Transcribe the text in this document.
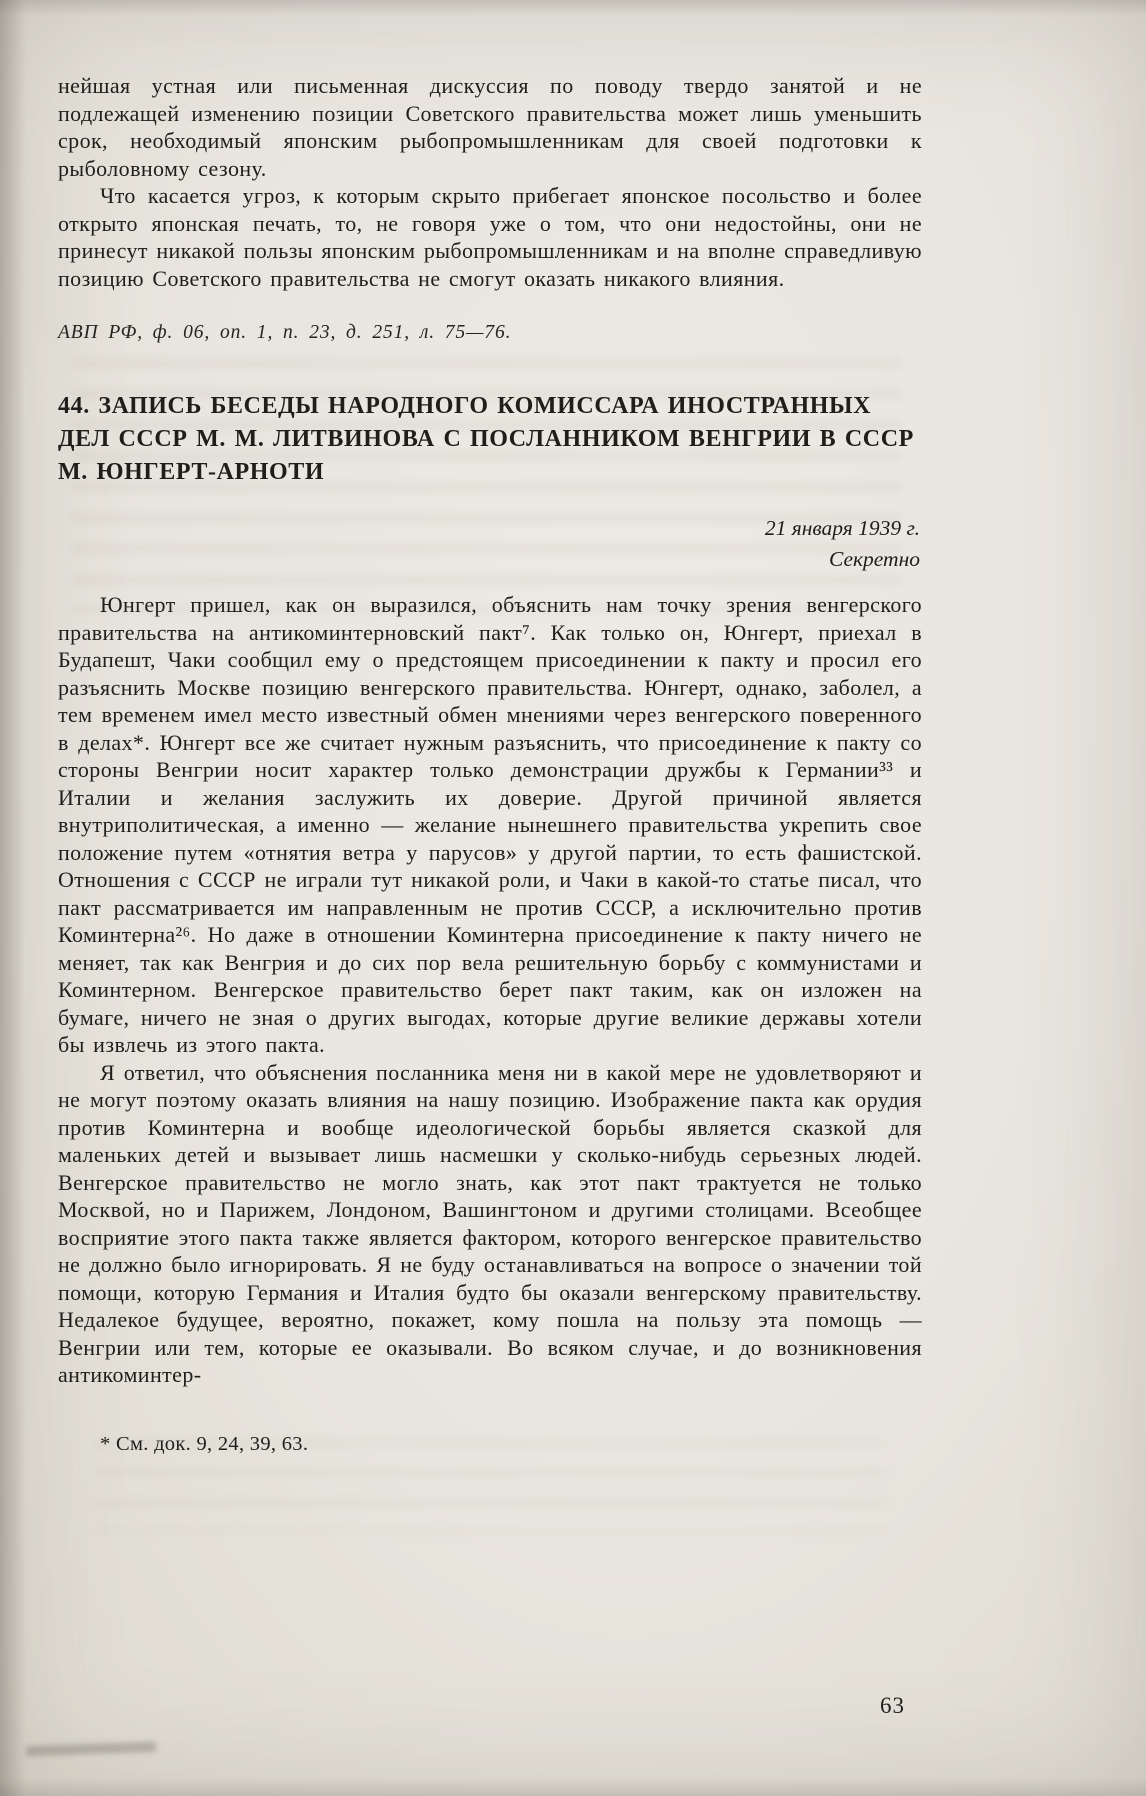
нейшая устная или письменная дискуссия по поводу твердо занятой и не подлежащей изменению позиции Советского правительства может лишь уменьшить срок, необходимый японским рыбопромышленникам для своей подготовки к рыболовному сезону.

Что касается угроз, к которым скрыто прибегает японское посольство и более открыто японская печать, то, не говоря уже о том, что они недостойны, они не принесут никакой пользы японским рыбопромышленникам и на вполне справедливую позицию Советского правительства не смогут оказать никакого влияния.

АВП РФ, ф. 06, оп. 1, п. 23, д. 251, л. 75—76.

44. ЗАПИСЬ БЕСЕДЫ НАРОДНОГО КОМИССАРА ИНОСТРАННЫХ ДЕЛ СССР М. М. ЛИТВИНОВА С ПОСЛАННИКОМ ВЕНГРИИ В СССР М. ЮНГЕРТ-АРНОТИ

21 января 1939 г.

Секретно

Юнгерт пришел, как он выразился, объяснить нам точку зрения венгерского правительства на антикоминтерновский пакт⁷. Как только он, Юнгерт, приехал в Будапешт, Чаки сообщил ему о предстоящем присоединении к пакту и просил его разъяснить Москве позицию венгерского правительства. Юнгерт, однако, заболел, а тем временем имел место известный обмен мнениями через венгерского поверенного в делах*. Юнгерт все же считает нужным разъяснить, что присоединение к пакту со стороны Венгрии носит характер только демонстрации дружбы к Германии³³ и Италии и желания заслужить их доверие. Другой причиной является внутриполитическая, а именно — желание нынешнего правительства укрепить свое положение путем «отнятия ветра у парусов» у другой партии, то есть фашистской. Отношения с СССР не играли тут никакой роли, и Чаки в какой-то статье писал, что пакт рассматривается им направленным не против СССР, а исключительно против Коминтерна²⁶. Но даже в отношении Коминтерна присоединение к пакту ничего не меняет, так как Венгрия и до сих пор вела решительную борьбу с коммунистами и Коминтерном. Венгерское правительство берет пакт таким, как он изложен на бумаге, ничего не зная о других выгодах, которые другие великие державы хотели бы извлечь из этого пакта.

Я ответил, что объяснения посланника меня ни в какой мере не удовлетворяют и не могут поэтому оказать влияния на нашу позицию. Изображение пакта как орудия против Коминтерна и вообще идеологической борьбы является сказкой для маленьких детей и вызывает лишь насмешки у сколько-нибудь серьезных людей. Венгерское правительство не могло знать, как этот пакт трактуется не только Москвой, но и Парижем, Лондоном, Вашингтоном и другими столицами. Всеобщее восприятие этого пакта также является фактором, которого венгерское правительство не должно было игнорировать. Я не буду останавливаться на вопросе о значении той помощи, которую Германия и Италия будто бы оказали венгерскому правительству. Недалекое будущее, вероятно, покажет, кому пошла на пользу эта помощь — Венгрии или тем, которые ее оказывали. Во всяком случае, и до возникновения антикоминтер-

* См. док. 9, 24, 39, 63.

63
